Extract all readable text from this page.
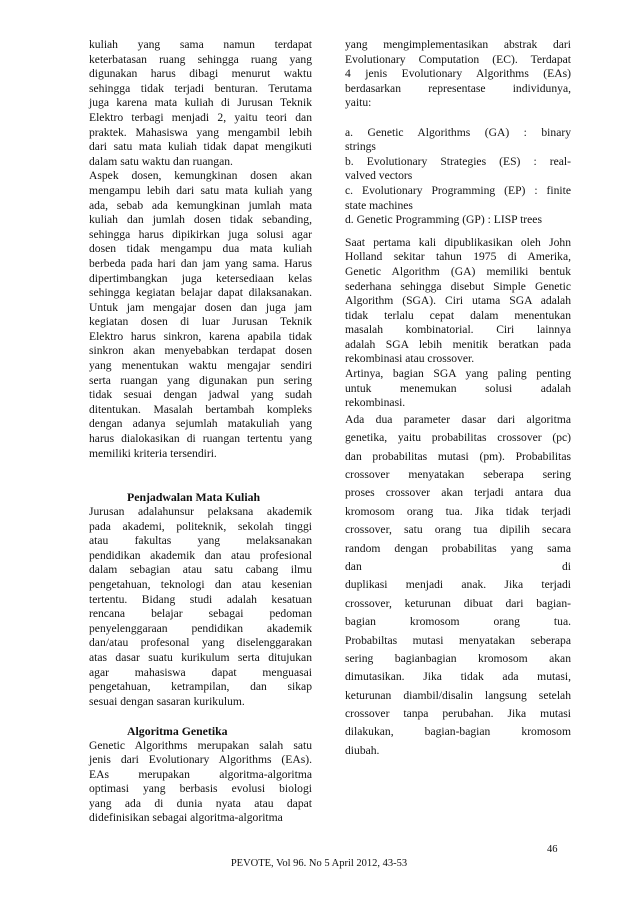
kuliah yang sama namun terdapat
keterbatasan ruang sehingga ruang yang
digunakan harus dibagi menurut waktu
sehingga tidak terjadi benturan. Terutama
juga karena mata kuliah di Jurusan Teknik
Elektro terbagi menjadi 2, yaitu teori dan
praktek. Mahasiswa yang mengambil lebih
dari satu mata kuliah tidak dapat mengikuti
dalam satu waktu dan ruangan.
Aspek dosen, kemungkinan dosen akan
mengampu lebih dari satu mata kuliah yang
ada, sebab ada kemungkinan jumlah mata
kuliah dan jumlah dosen tidak sebanding,
sehingga harus dipikirkan juga solusi agar
dosen tidak mengampu dua mata kuliah
berbeda pada hari dan jam yang sama. Harus
dipertimbangkan juga ketersediaan kelas
sehingga kegiatan belajar dapat dilaksanakan.
Untuk jam mengajar dosen dan juga jam
kegiatan dosen di luar Jurusan Teknik
Elektro harus sinkron, karena apabila tidak
sinkron akan menyebabkan terdapat dosen
yang menentukan waktu mengajar sendiri
serta ruangan yang digunakan pun sering
tidak sesuai dengan jadwal yang sudah
ditentukan. Masalah bertambah kompleks
dengan adanya sejumlah matakuliah yang
harus dialokasikan di ruangan tertentu yang
memiliki kriteria tersendiri.
Penjadwalan Mata Kuliah
Jurusan adalahunsur pelaksana akademik
pada akademi, politeknik, sekolah tinggi
atau fakultas yang melaksanakan
pendidikan akademik dan atau profesional
dalam sebagian atau satu cabang ilmu
pengetahuan, teknologi dan atau kesenian
tertentu. Bidang studi adalah kesatuan
rencana belajar sebagai pedoman
penyelenggaraan pendidikan akademik
dan/atau profesonal yang diselenggarakan
atas dasar suatu kurikulum serta ditujukan
agar mahasiswa dapat menguasai
pengetahuan, ketrampilan, dan sikap
sesuai dengan sasaran kurikulum.
Algoritma Genetika
Genetic Algorithms merupakan salah satu
jenis dari Evolutionary Algorithms (EAs).
EAs merupakan algoritma-algoritma
optimasi yang berbasis evolusi biologi
yang ada di dunia nyata atau dapat
didefinisikan sebagai algoritma-algoritma
yang mengimplementasikan abstrak dari
Evolutionary Computation (EC). Terdapat
4 jenis Evolutionary Algorithms (EAs)
berdasarkan representase individunya,
yaitu:
a. Genetic Algorithms (GA) : binary
strings
b. Evolutionary Strategies (ES) : real-
valved vectors
c. Evolutionary Programming (EP) : finite
state machines
d. Genetic Programming (GP) : LISP trees
Saat pertama kali dipublikasikan oleh John
Holland sekitar tahun 1975 di Amerika,
Genetic Algorithm (GA) memiliki bentuk
sederhana sehingga disebut Simple Genetic
Algorithm (SGA). Ciri utama SGA adalah
tidak terlalu cepat dalam menentukan
masalah kombinatorial. Ciri lainnya
adalah SGA lebih menitik beratkan pada
rekombinasi atau crossover.
Artinya, bagian SGA yang paling penting
untuk menemukan solusi adalah
rekombinasi.
Ada dua parameter dasar dari algoritma
genetika, yaitu probabilitas crossover (pc)
dan probabilitas mutasi (pm). Probabilitas
crossover menyatakan seberapa sering
proses crossover akan terjadi antara dua
kromosom orang tua. Jika tidak terjadi
crossover, satu orang tua dipilih secara
random dengan probabilitas yang sama
dan di
duplikasi menjadi anak. Jika terjadi
crossover, keturunan dibuat dari bagian-
bagian kromosom orang tua.
Probabiltas mutasi menyatakan seberapa
sering bagianbagian kromosom akan
dimutasikan. Jika tidak ada mutasi,
keturunan diambil/disalin langsung setelah
crossover tanpa perubahan. Jika mutasi
dilakukan, bagian-bagian kromosom
diubah.
46
PEVOTE, Vol 96. No 5 April 2012, 43-53
